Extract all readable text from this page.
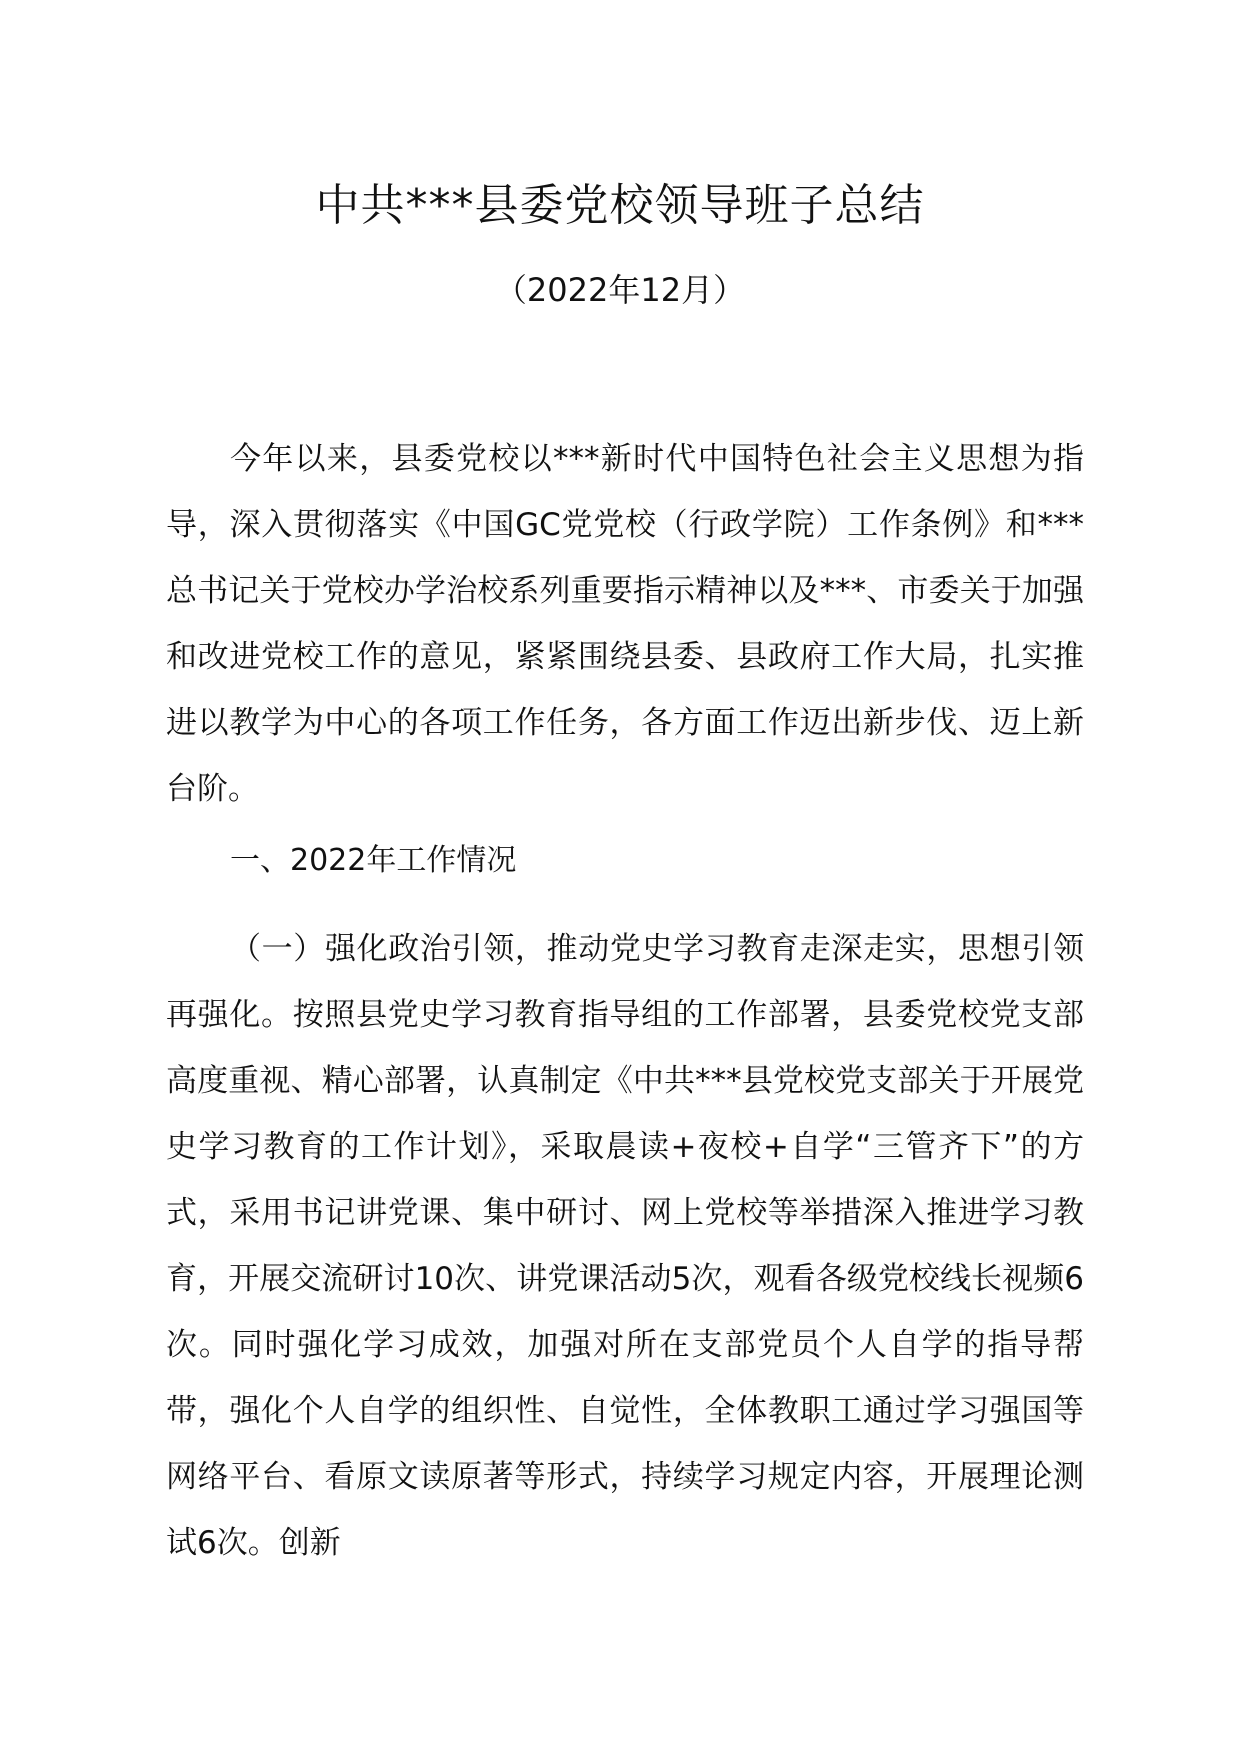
中共***县委党校领导班子总结

（2022年12月）

今年以来，县委党校以***新时代中国特色社会主义思想为指导，深入贯彻落实《中国GC党党校（行政学院）工作条例》和***总书记关于党校办学治校系列重要指示精神以及***、市委关于加强和改进党校工作的意见，紧紧围绕县委、县政府工作大局，扎实推进以教学为中心的各项工作任务，各方面工作迈出新步伐、迈上新台阶。

一、2022年工作情况

（一）强化政治引领，推动党史学习教育走深走实，思想引领再强化。按照县党史学习教育指导组的工作部署，县委党校党支部高度重视、精心部署，认真制定《中共***县党校党支部关于开展党史学习教育的工作计划》，采取晨读+夜校+自学“三管齐下”的方式，采用书记讲党课、集中研讨、网上党校等举措深入推进学习教育，开展交流研讨10次、讲党课活动5次，观看各级党校线长视频6次。同时强化学习成效，加强对所在支部党员个人自学的指导帮带，强化个人自学的组织性、自觉性，全体教职工通过学习强国等网络平台、看原文读原著等形式，持续学习规定内容，开展理论测试6次。创新
